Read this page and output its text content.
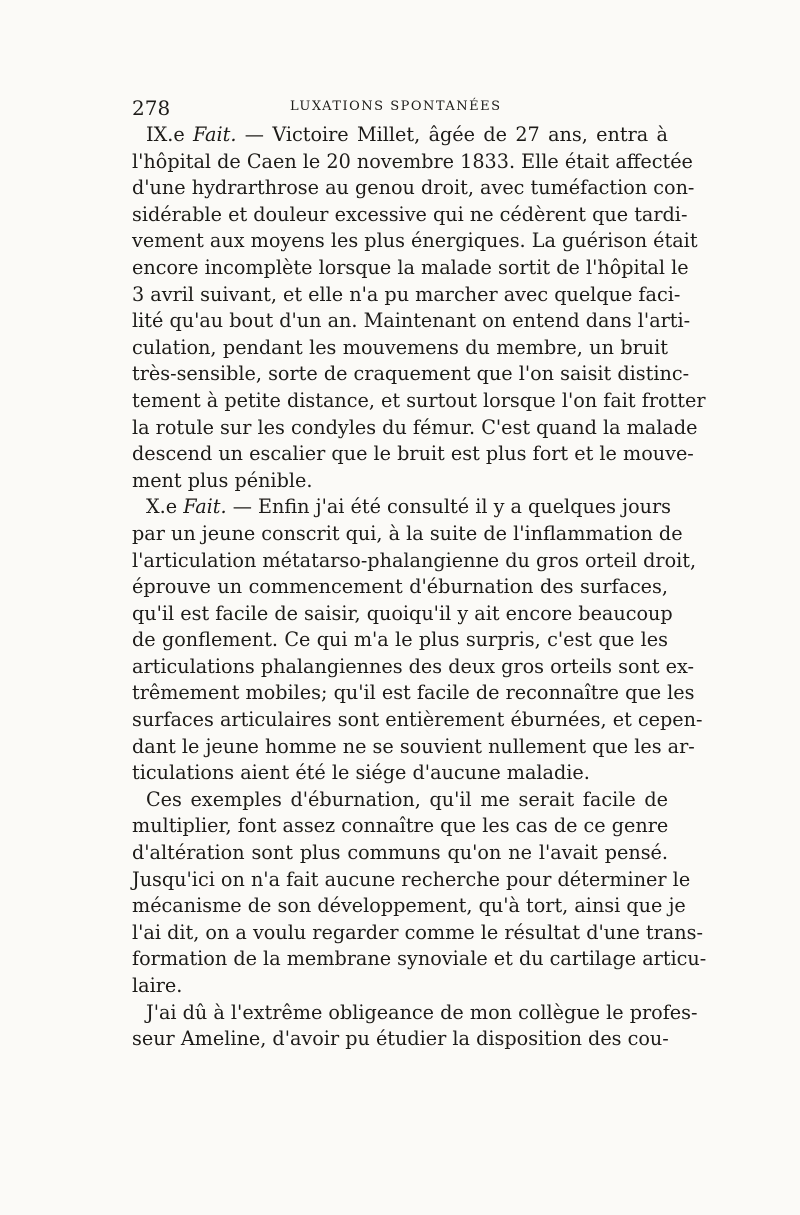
278	LUXATIONS SPONTANÉES
IX.e Fait. — Victoire Millet, âgée de 27 ans, entra à
l'hôpital de Caen le 20 novembre 1833. Elle était affectée
d'une hydrarthrose au genou droit, avec tuméfaction con-
sidérable et douleur excessive qui ne cédèrent que tardi-
vement aux moyens les plus énergiques. La guérison était
encore incomplète lorsque la malade sortit de l'hôpital le
3 avril suivant, et elle n'a pu marcher avec quelque faci-
lité qu'au bout d'un an. Maintenant on entend dans l'arti-
culation, pendant les mouvemens du membre, un bruit
très-sensible, sorte de craquement que l'on saisit distinc-
tement à petite distance, et surtout lorsque l'on fait frotter
la rotule sur les condyles du fémur. C'est quand la malade
descend un escalier que le bruit est plus fort et le mouve-
ment plus pénible.
X.e Fait. — Enfin j'ai été consulté il y a quelques jours
par un jeune conscrit qui, à la suite de l'inflammation de
l'articulation métatarso-phalangienne du gros orteil droit,
éprouve un commencement d'éburnation des surfaces,
qu'il est facile de saisir, quoiqu'il y ait encore beaucoup
de gonflement. Ce qui m'a le plus surpris, c'est que les
articulations phalangiennes des deux gros orteils sont ex-
trêmement mobiles; qu'il est facile de reconnaître que les
surfaces articulaires sont entièrement éburnées, et cepen-
dant le jeune homme ne se souvient nullement que les ar-
ticulations aient été le siége d'aucune maladie.
Ces exemples d'éburnation, qu'il me serait facile de
multiplier, font assez connaître que les cas de ce genre
d'altération sont plus communs qu'on ne l'avait pensé.
Jusqu'ici on n'a fait aucune recherche pour déterminer le
mécanisme de son développement, qu'à tort, ainsi que je
l'ai dit, on a voulu regarder comme le résultat d'une trans-
formation de la membrane synoviale et du cartilage articu-
laire.
J'ai dû à l'extrême obligeance de mon collègue le profes-
seur Ameline, d'avoir pu étudier la disposition des cou-
